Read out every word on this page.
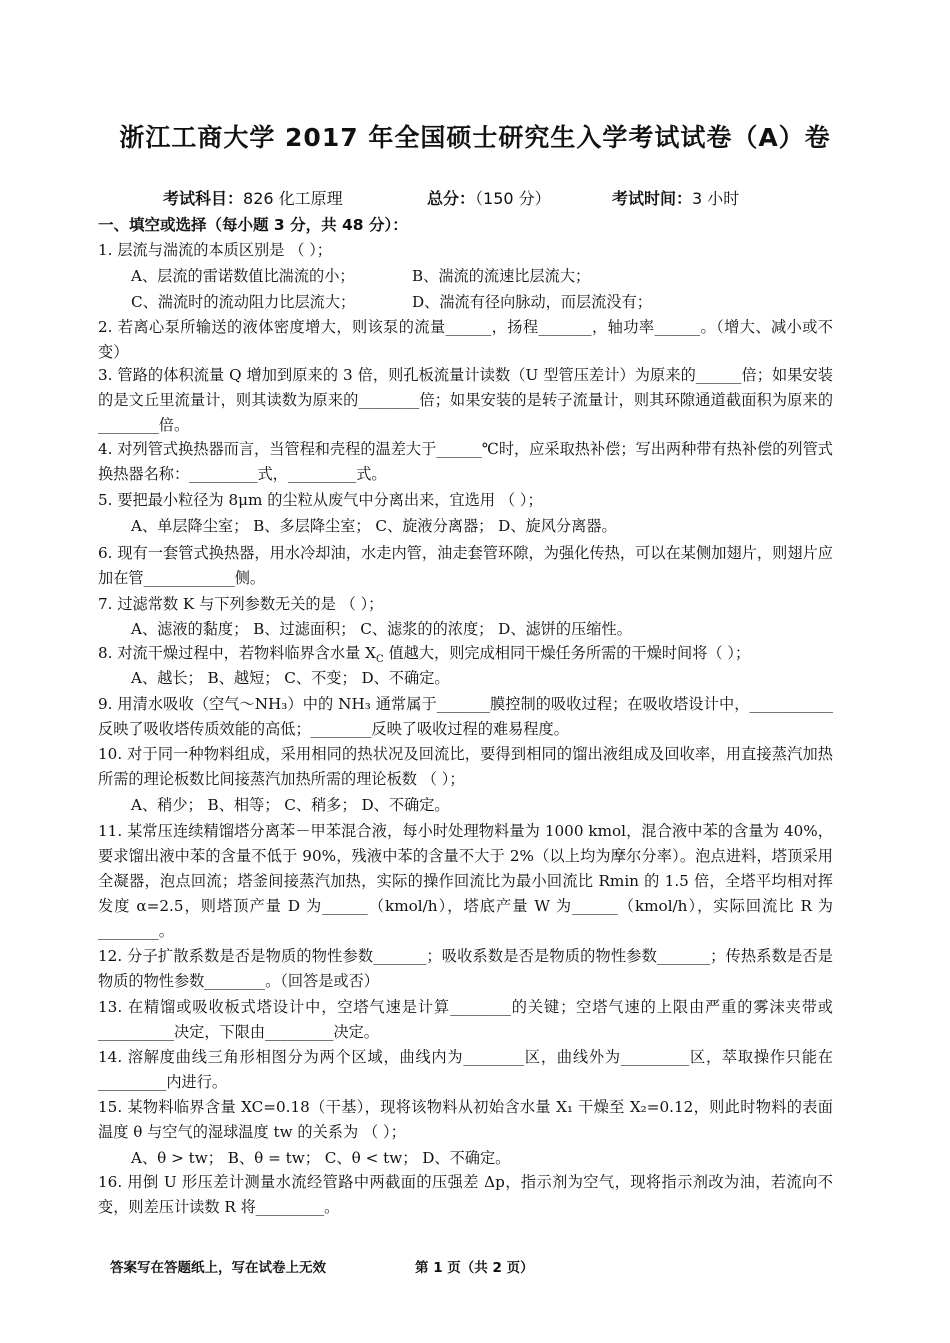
浙江工商大学 2017 年全国硕士研究生入学考试试卷（A）卷
考试科目：826 化工原理	总分：（150 分）	考试时间：3 小时
一、填空或选择（每小题 3 分，共 48 分）：
1. 层流与湍流的本质区别是 （ ）；
A、层流的雷诺数值比湍流的小；	B、湍流的流速比层流大；
C、湍流时的流动阻力比层流大；	D、湍流有径向脉动，而层流没有；
2. 若离心泵所输送的液体密度增大，则该泵的流量______，扬程_______，轴功率______。（增大、减小或不变）
3. 管路的体积流量 Q 增加到原来的 3 倍，则孔板流量计读数（U 型管压差计）为原来的______倍；如果安装的是文丘里流量计，则其读数为原来的________倍；如果安装的是转子流量计，则其环隙通道截面积为原来的________倍。
4. 对列管式换热器而言，当管程和壳程的温差大于______℃时，应采取热补偿；写出两种带有热补偿的列管式换热器名称：_________式，_________式。
5. 要把最小粒径为 8μm 的尘粒从废气中分离出来，宜选用 （ ）；
A、单层降尘室； B、多层降尘室； C、旋液分离器； D、旋风分离器。
6. 现有一套管式换热器，用水冷却油，水走内管，油走套管环隙，为强化传热，可以在某侧加翅片，则翅片应加在管____________侧。
7. 过滤常数 K 与下列参数无关的是 （ ）；
A、滤液的黏度； B、过滤面积； C、滤浆的的浓度； D、滤饼的压缩性。
8. 对流干燥过程中，若物料临界含水量 $X_C$ 值越大，则完成相同干燥任务所需的干燥时间将（ ）；
A、越长； B、越短； C、不变； D、不确定。
9. 用清水吸收（空气～NH₃）中的 NH₃ 通常属于_______膜控制的吸收过程；在吸收塔设计中，___________反映了吸收塔传质效能的高低；________反映了吸收过程的难易程度。
10. 对于同一种物料组成，采用相同的热状况及回流比，要得到相同的馏出液组成及回收率，用直接蒸汽加热所需的理论板数比间接蒸汽加热所需的理论板数 （ ）；
A、稍少； B、相等； C、稍多； D、不确定。
11. 某常压连续精馏塔分离苯－甲苯混合液，每小时处理物料量为 1000 kmol，混合液中苯的含量为 40%，要求馏出液中苯的含量不低于 90%，残液中苯的含量不大于 2%（以上均为摩尔分率）。泡点进料，塔顶采用全凝器，泡点回流；塔釜间接蒸汽加热，实际的操作回流比为最小回流比 Rmin 的 1.5 倍，全塔平均相对挥发度 α=2.5，则塔顶产量 D 为______（kmol/h），塔底产量 W 为______（kmol/h），实际回流比 R 为________。
12. 分子扩散系数是否是物质的物性参数_______；吸收系数是否是物质的物性参数_______；传热系数是否是物质的物性参数________。（回答是或否）
13. 在精馏或吸收板式塔设计中，空塔气速是计算________的关键；空塔气速的上限由严重的雾沫夹带或__________决定，下限由_________决定。
14. 溶解度曲线三角形相图分为两个区域，曲线内为________区，曲线外为_________区，萃取操作只能在_________内进行。
15. 某物料临界含量 XC=0.18（干基），现将该物料从初始含水量 X₁ 干燥至 X₂=0.12，则此时物料的表面温度 θ 与空气的湿球温度 tw 的关系为 （ ）；
A、θ > tw； B、θ = tw； C、θ < tw； D、不确定。
16. 用倒 U 形压差计测量水流经管路中两截面的压强差 Δp，指示剂为空气，现将指示剂改为油，若流向不变，则差压计读数 R 将_________。
答案写在答题纸上，写在试卷上无效	第 1 页（共 2 页）
